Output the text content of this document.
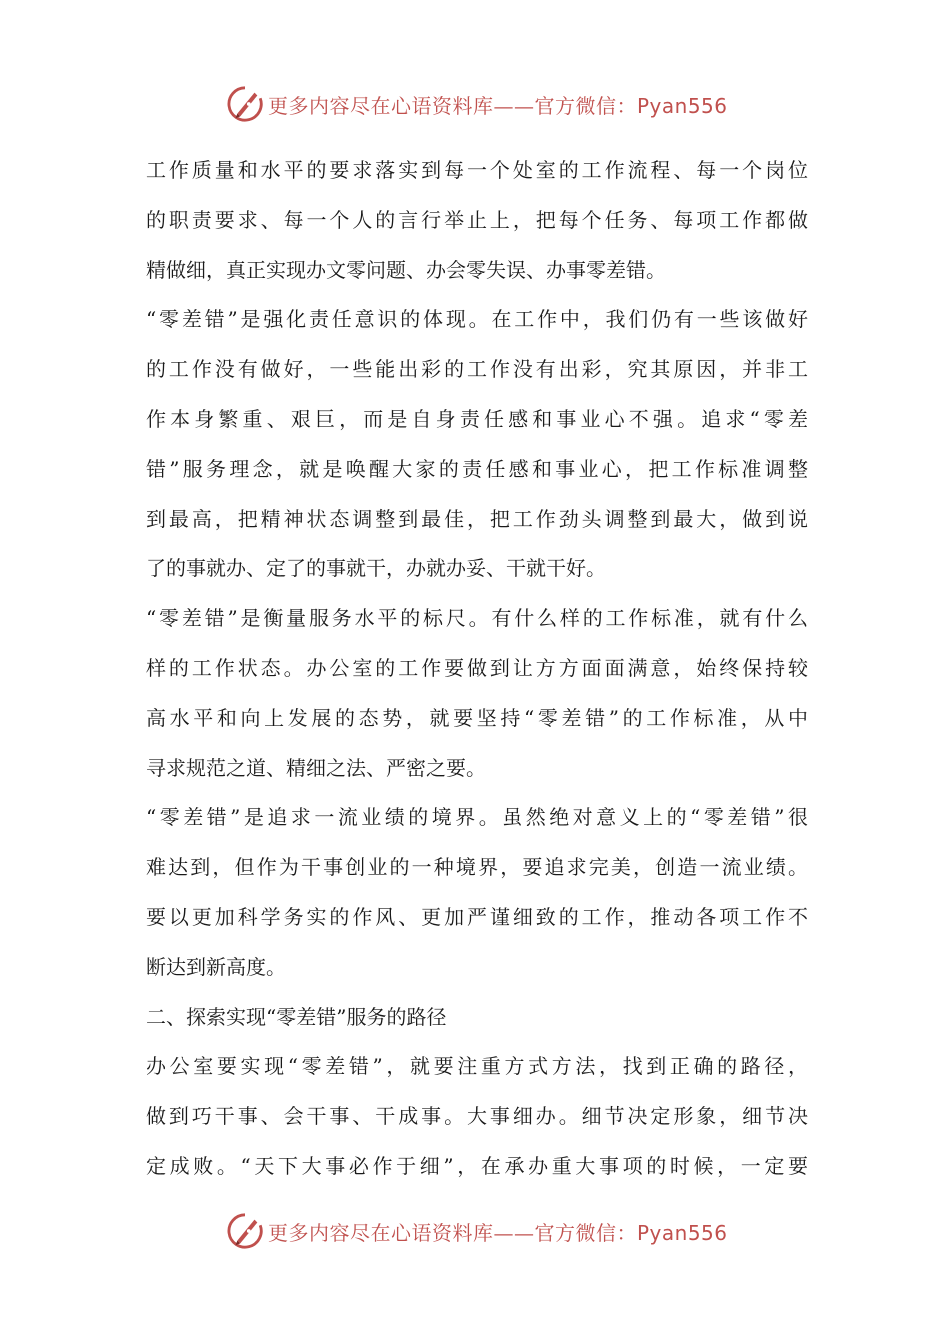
更多内容尽在心语资料库——官方微信：Pyan556
工作质量和水平的要求落实到每一个处室的工作流程、每一个岗位
的职责要求、每一个人的言行举止上，把每个任务、每项工作都做
精做细，真正实现办文零问题、办会零失误、办事零差错。
“零差错”是强化责任意识的体现。在工作中，我们仍有一些该做好
的工作没有做好，一些能出彩的工作没有出彩，究其原因，并非工
作本身繁重、艰巨，而是自身责任感和事业心不强。追求“零差
错”服务理念，就是唤醒大家的责任感和事业心，把工作标准调整
到最高，把精神状态调整到最佳，把工作劲头调整到最大，做到说
了的事就办、定了的事就干，办就办妥、干就干好。
“零差错”是衡量服务水平的标尺。有什么样的工作标准，就有什么
样的工作状态。办公室的工作要做到让方方面面满意，始终保持较
高水平和向上发展的态势，就要坚持“零差错”的工作标准，从中
寻求规范之道、精细之法、严密之要。
“零差错”是追求一流业绩的境界。虽然绝对意义上的“零差错”很
难达到，但作为干事创业的一种境界，要追求完美，创造一流业绩。
要以更加科学务实的作风、更加严谨细致的工作，推动各项工作不
断达到新高度。
二、探索实现“零差错”服务的路径
办公室要实现“零差错”，就要注重方式方法，找到正确的路径，
做到巧干事、会干事、干成事。大事细办。细节决定形象，细节决
定成败。“天下大事必作于细”，在承办重大事项的时候，一定要
更多内容尽在心语资料库——官方微信：Pyan556
